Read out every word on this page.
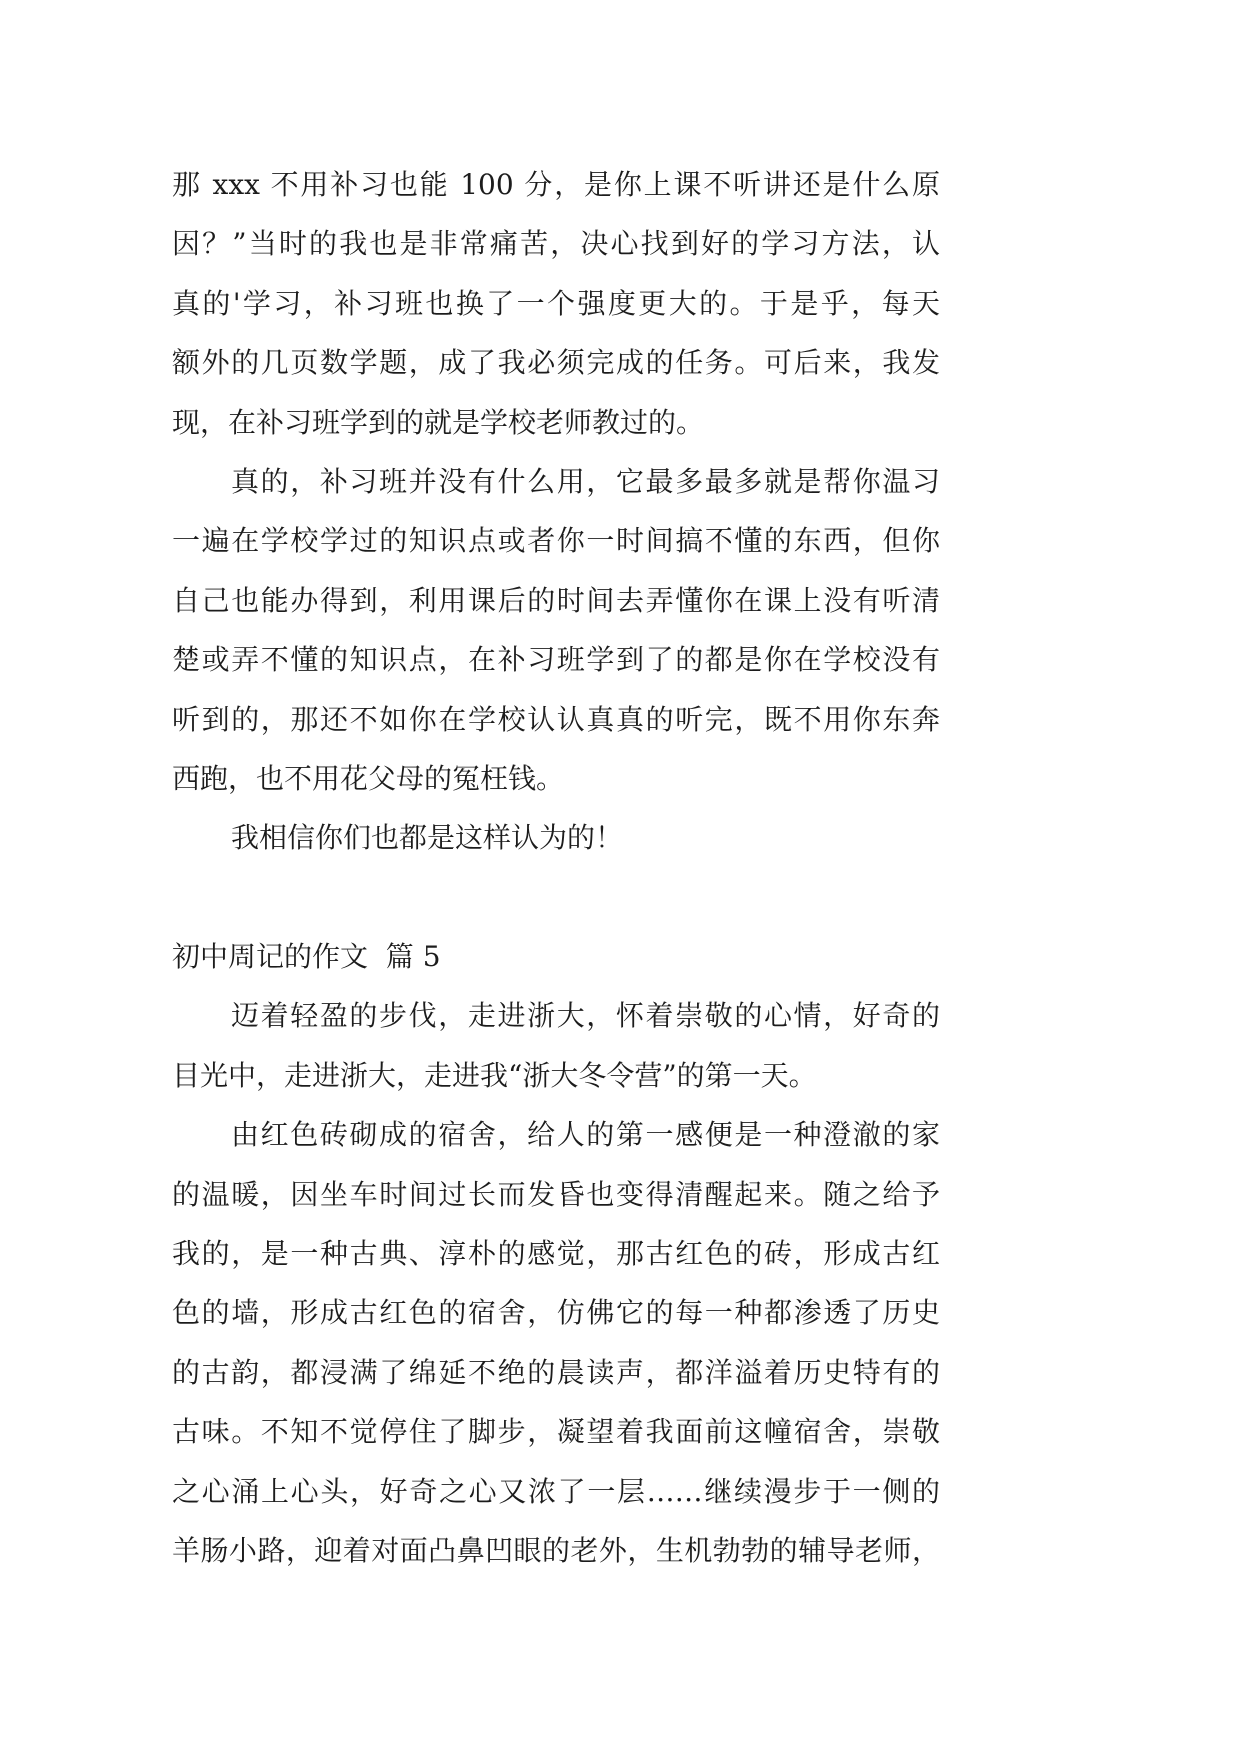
那 xxx 不用补习也能 100 分，是你上课不听讲还是什么原
因？”当时的我也是非常痛苦，决心找到好的学习方法，认
真的'学习，补习班也换了一个强度更大的。于是乎，每天
额外的几页数学题，成了我必须完成的任务。可后来，我发
现，在补习班学到的就是学校老师教过的。
真的，补习班并没有什么用，它最多最多就是帮你温习
一遍在学校学过的知识点或者你一时间搞不懂的东西，但你
自己也能办得到，利用课后的时间去弄懂你在课上没有听清
楚或弄不懂的知识点，在补习班学到了的都是你在学校没有
听到的，那还不如你在学校认认真真的听完，既不用你东奔
西跑，也不用花父母的冤枉钱。
我相信你们也都是这样认为的！
初中周记的作文  篇 5
迈着轻盈的步伐，走进浙大，怀着崇敬的心情，好奇的
目光中，走进浙大，走进我“浙大冬令营”的第一天。
由红色砖砌成的宿舍，给人的第一感便是一种澄澈的家
的温暖，因坐车时间过长而发昏也变得清醒起来。随之给予
我的，是一种古典、淳朴的感觉，那古红色的砖，形成古红
色的墙，形成古红色的宿舍，仿佛它的每一种都渗透了历史
的古韵，都浸满了绵延不绝的晨读声，都洋溢着历史特有的
古味。不知不觉停住了脚步，凝望着我面前这幢宿舍，崇敬
之心涌上心头，好奇之心又浓了一层……继续漫步于一侧的
羊肠小路，迎着对面凸鼻凹眼的老外，生机勃勃的辅导老师，
